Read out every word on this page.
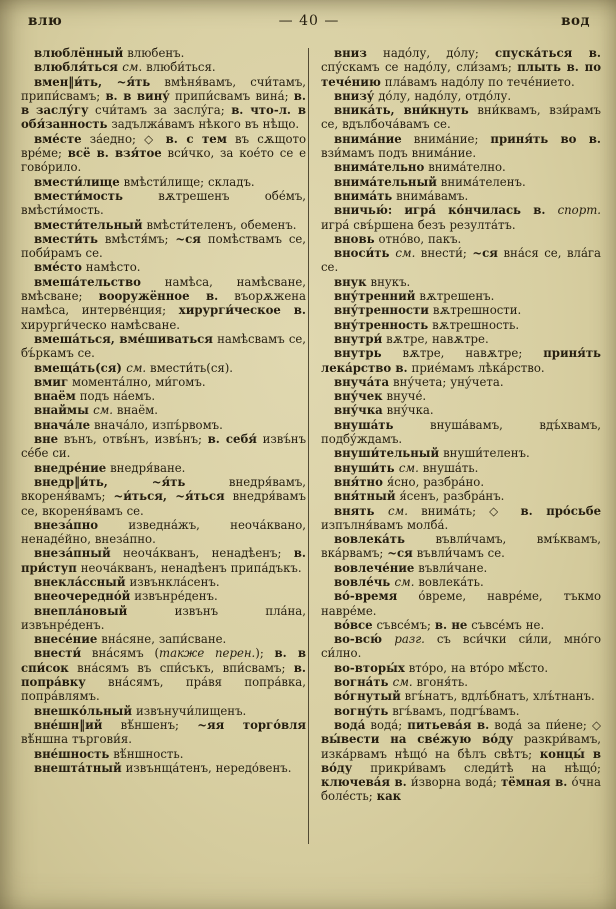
влю	— 40 —	вод

влюблённый влюбенъ.

влюбля́ться см. влюби́ться.

вмен‖и́ть, ~я́ть вмѣня́вамъ, счи́тамъ, припи́свамъ; в. в вину́ припи́свамъ вина́; в. в заслу́гу счи́тамъ за заслу́га; в. что-л. в обя́занность задължа́вамъ нѣкого въ нѣщо.

вме́сте за́едно; ◇ в. с тем въ сѫщото вре́ме; всё в. взя́тое вси́чко, за кое́то се е гово́рило.

вмести́лище вмѣсти́лище; складъ.

вмести́мость вѫтрешенъ обе́мъ, вмѣсти́мость.

вмести́тельный вмѣсти́теленъ, обеменъ.

вмести́ть вмѣстя́мъ; ~ся помѣствамъ се, поби́рамъ се.

вме́сто намѣсто.

вмеша́тельство намѣса, намѣсване, вмѣсване; вооружённое в. въорѫжена намѣса, интерве́нция; хирурги́ческое в. хирурги́ческо намѣсване.

вмеша́ться, вме́шиваться намѣсвамъ се, бъ́ркамъ се.

вмеща́ть(ся) см. вмести́ть(ся).

вмиг момента́лно, ми́гомъ.

внаём подъ на́емъ.

внаймы см. внаём.

внача́ле внача́ло, изпъ́рвомъ.

вне вънъ, отвъ́нъ, извъ́нъ; в. себя́ извъ́нъ се́бе си.

внедре́ние внедря́ване.

внедр‖и́ть, ~я́ть внедря́вамъ, вкореня́вамъ; ~и́ться, ~я́ться внедря́вамъ се, вкореня́вамъ се.

внеза́пно изведна́жъ, неоча́квано, ненаде́йно, внеза́пно.

внеза́пный неоча́кванъ, ненадѣенъ; в. при́ступ неоча́кванъ, ненадѣенъ припа́дъкъ.

внекла́ссный извънкла́сенъ.

внеочередно́й извънре́денъ.

внепла́новый извънъ пла́на, извънре́денъ.

внесе́ние вна́сяне, запи́сване.

внести́ вна́сямъ (также перен.); в. в спи́сок вна́сямъ въ спи́съкъ, впи́свамъ; в. попра́вку вна́сямъ, пра́вя попра́вка, попра́влямъ.

внешко́льный извънучи́лищенъ.

вне́шн‖ий вѣ́ншенъ; ~яя торго́вля вѣ́ншна търгови́я.

вне́шность вѣ́ншность.

внешта́тный извънща́тенъ, нередо́венъ.

вниз надо́лу, до́лу; спуска́ться в. спу́скамъ се надо́лу, сли́замъ; плыть в. по тече́нию пла́вамъ надо́лу по тече́нието.

внизу́ до́лу, надо́лу, отдо́лу.

вника́ть, вни́кнуть вни́квамъ, взи́рамъ се, вдълбоча́вамъ се.

внима́ние внима́ние; приня́ть во в. взи́мамъ подъ внима́ние.

внима́тельно внима́телно.

внима́тельный внима́теленъ.

внима́ть внима́вамъ.

вничью́: игра́ ко́нчилась в. спорт. игра́ свъ́ршена безъ резулта́тъ.

вновь отно́во, пакъ.

вноси́ть см. внести́; ~ся вна́ся се, вла́га се.

внук внукъ.

вну́тренний вѫтрешенъ.

вну́тренности вѫтрешности.

вну́тренность вѫтрешность.

внутри́ вѫтре, навѫтре.

внутрь вѫтре, навѫтре; приня́ть лека́рство в. прие́мамъ лѣка́рство.

внуча́та вну́чета; уну́чета.

вну́чек внуче́.

вну́чка вну́чка.

внуша́ть внуша́вамъ, вдъ́хвамъ, подбу́ждамъ.

внуши́тельный внуши́теленъ.

внуши́ть см. внуша́ть.

вня́тно я́сно, разбра́но.

вня́тный я́сенъ, разбра́нъ.

внять см. внима́ть; ◇ в. про́сьбе изпълня́вамъ молба́.

вовлека́ть въвли́чамъ, вмъ́квамъ, вка́рвамъ; ~ся въвли́чамъ се.

вовлече́ние въвли́чане.

вовле́чь см. вовлека́ть.

во́-время о́време, навре́ме, тъкмо навре́ме.

во́все съвсе́мъ; в. не съвсе́мъ не.

во-всю́ разг. съ вси́чки си́ли, мно́го си́лно.

во-вторы́х вто́ро, на вто́ро мѣ́сто.

вогна́ть см. вгоня́ть.

во́гнутый вгъ́натъ, вдлъ́бнатъ, хлъ́тнанъ.

вогну́ть вгъ́вамъ, подгъ́вамъ.

вода́ вода́; питьева́я в. вода́ за пи́ене; ◇ вы́вести на све́жую во́ду разкри́вамъ, изка́рвамъ нѣщо́ на бѣлъ свѣтъ; концы́ в во́ду прикри́вамъ следи́тѣ на нѣщо́; ключева́я в. и́зворна вода́; тёмная в. о́чна боле́сть; как
